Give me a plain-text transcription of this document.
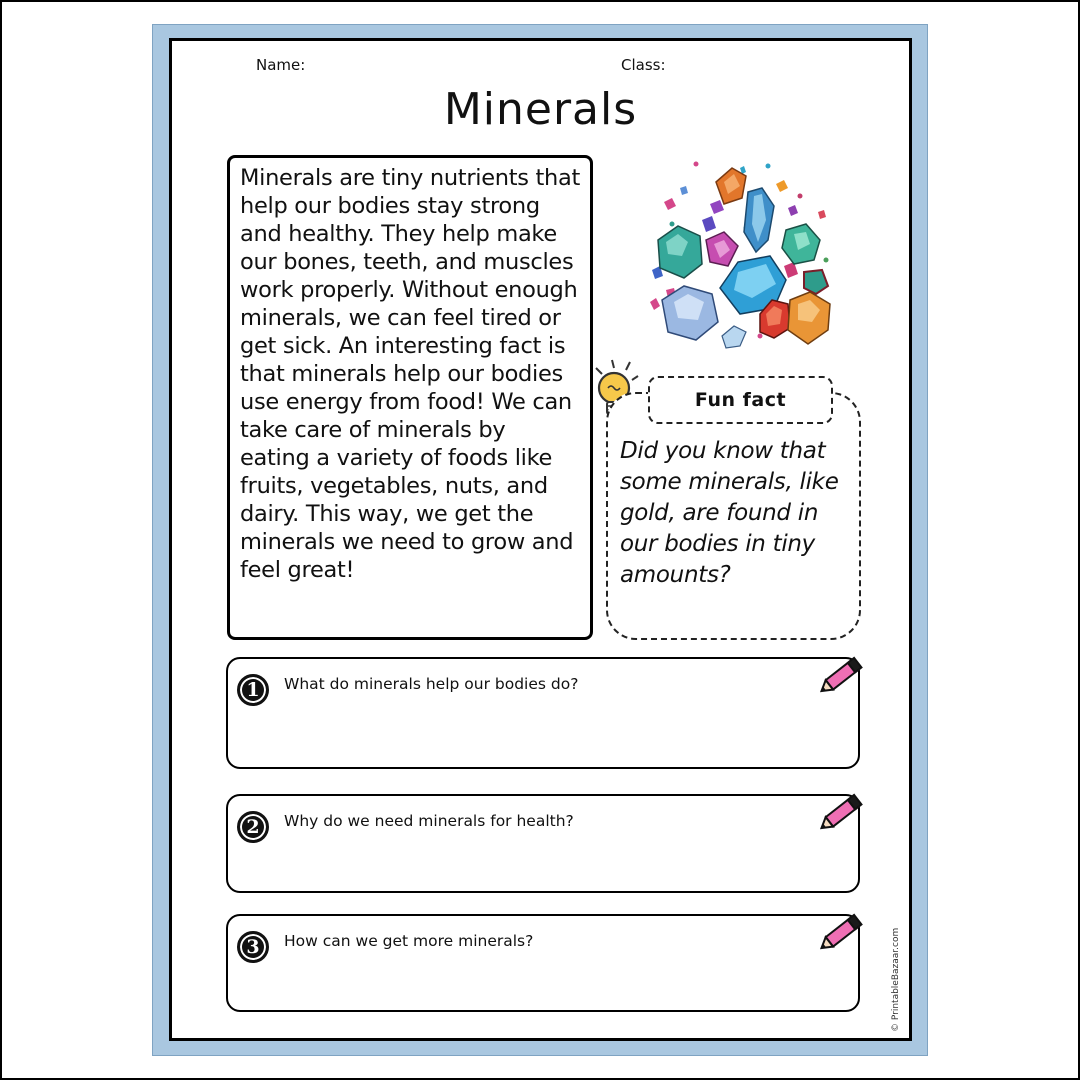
Name:	Class:
Minerals

Minerals are tiny nutrients that help our bodies stay strong and healthy. They help make our bones, teeth, and muscles work properly. Without enough minerals, we can feel tired or get sick. An interesting fact is that minerals help our bodies use energy from food! We can take care of minerals by eating a variety of foods like fruits, vegetables, nuts, and dairy. This way, we get the minerals we need to grow and feel great!

Did you know that some minerals, like gold, are found in our bodies in tiny amounts?

Fun fact
1	What do minerals help our bodies do?
2	Why do we need minerals for health?
3	How can we get more minerals?	© PrintableBazaar.com
